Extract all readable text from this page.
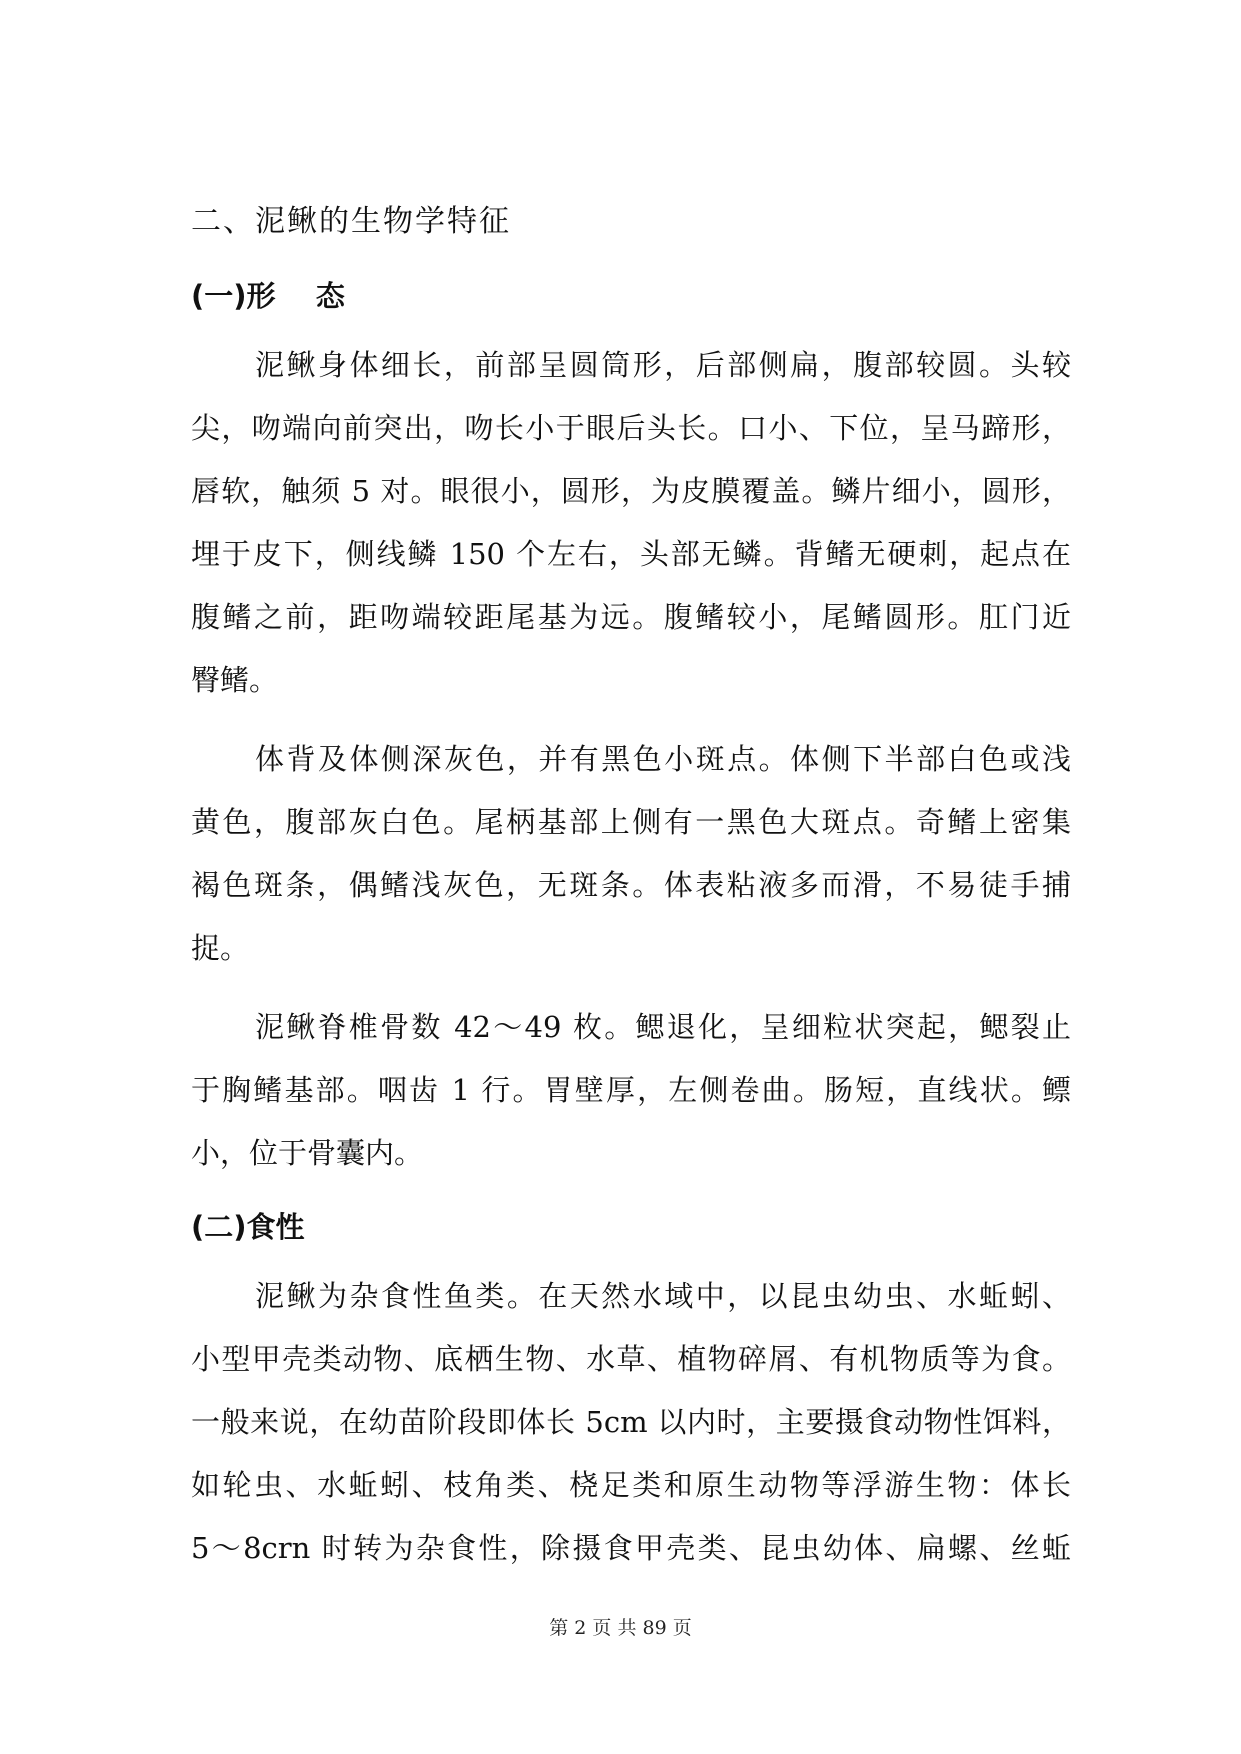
二、泥鳅的生物学特征
(一)形    态
泥鳅身体细长，前部呈圆筒形，后部侧扁，腹部较圆。头较
尖，吻端向前突出，吻长小于眼后头长。口小、下位，呈马蹄形，
唇软，触须 5 对。眼很小，圆形，为皮膜覆盖。鳞片细小，圆形，
埋于皮下，侧线鳞 150 个左右，头部无鳞。背鳍无硬刺，起点在
腹鳍之前，距吻端较距尾基为远。腹鳍较小，尾鳍圆形。肛门近
臀鳍。
体背及体侧深灰色，并有黑色小斑点。体侧下半部白色或浅
黄色，腹部灰白色。尾柄基部上侧有一黑色大斑点。奇鳍上密集
褐色斑条，偶鳍浅灰色，无斑条。体表粘液多而滑，不易徒手捕
捉。
泥鳅脊椎骨数 42～49 枚。鳃退化，呈细粒状突起，鳃裂止
于胸鳍基部。咽齿 1 行。胃壁厚，左侧卷曲。肠短，直线状。鳔
小，位于骨囊内。
(二)食性
泥鳅为杂食性鱼类。在天然水域中，以昆虫幼虫、水蚯蚓、
小型甲壳类动物、底栖生物、水草、植物碎屑、有机物质等为食。
一般来说，在幼苗阶段即体长 5cm 以内时，主要摄食动物性饵料，
如轮虫、水蚯蚓、枝角类、桡足类和原生动物等浮游生物：体长
5～8crn 时转为杂食性，除摄食甲壳类、昆虫幼体、扁螺、丝蚯
第 2 页 共 89 页
